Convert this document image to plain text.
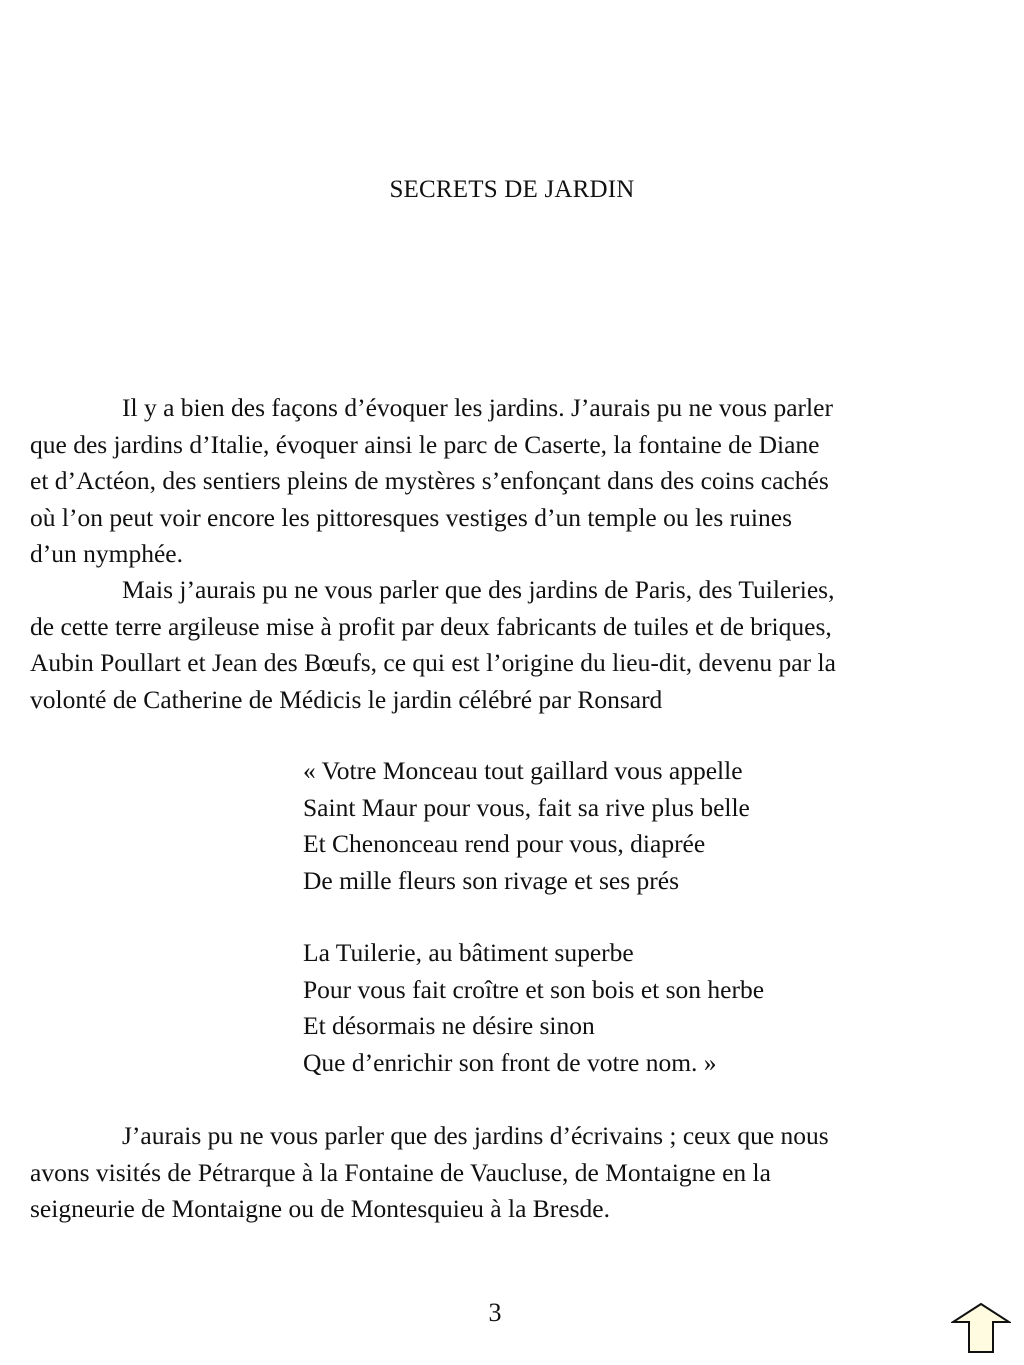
SECRETS DE JARDIN
Il y a bien des façons d’évoquer les jardins. J’aurais pu ne vous parler
que des jardins d’Italie, évoquer ainsi le parc de Caserte, la fontaine de Diane
et d’Actéon, des sentiers pleins de mystères s’enfonçant dans des coins cachés
où l’on peut voir encore les pittoresques vestiges d’un temple ou les ruines
d’un nymphée.
Mais j’aurais pu ne vous parler que des jardins de Paris, des Tuileries,
de cette terre argileuse mise à profit par deux fabricants de tuiles et de briques,
Aubin Poullart et Jean des Bœufs, ce qui est l’origine du lieu-dit, devenu par la
volonté de Catherine de Médicis le jardin célébré par Ronsard
« Votre Monceau tout gaillard vous appelle
Saint Maur pour vous, fait sa rive plus belle
Et Chenonceau rend pour vous, diaprée
De mille fleurs son rivage et ses prés
La Tuilerie, au bâtiment superbe
Pour vous fait croître et son bois et son herbe
Et désormais ne désire sinon
Que d’enrichir son front de votre nom. »
J’aurais pu ne vous parler que des jardins d’écrivains ; ceux que nous
avons visités de Pétrarque à la Fontaine de Vaucluse, de Montaigne en la
seigneurie de Montaigne ou de Montesquieu à la Bresde.
3
